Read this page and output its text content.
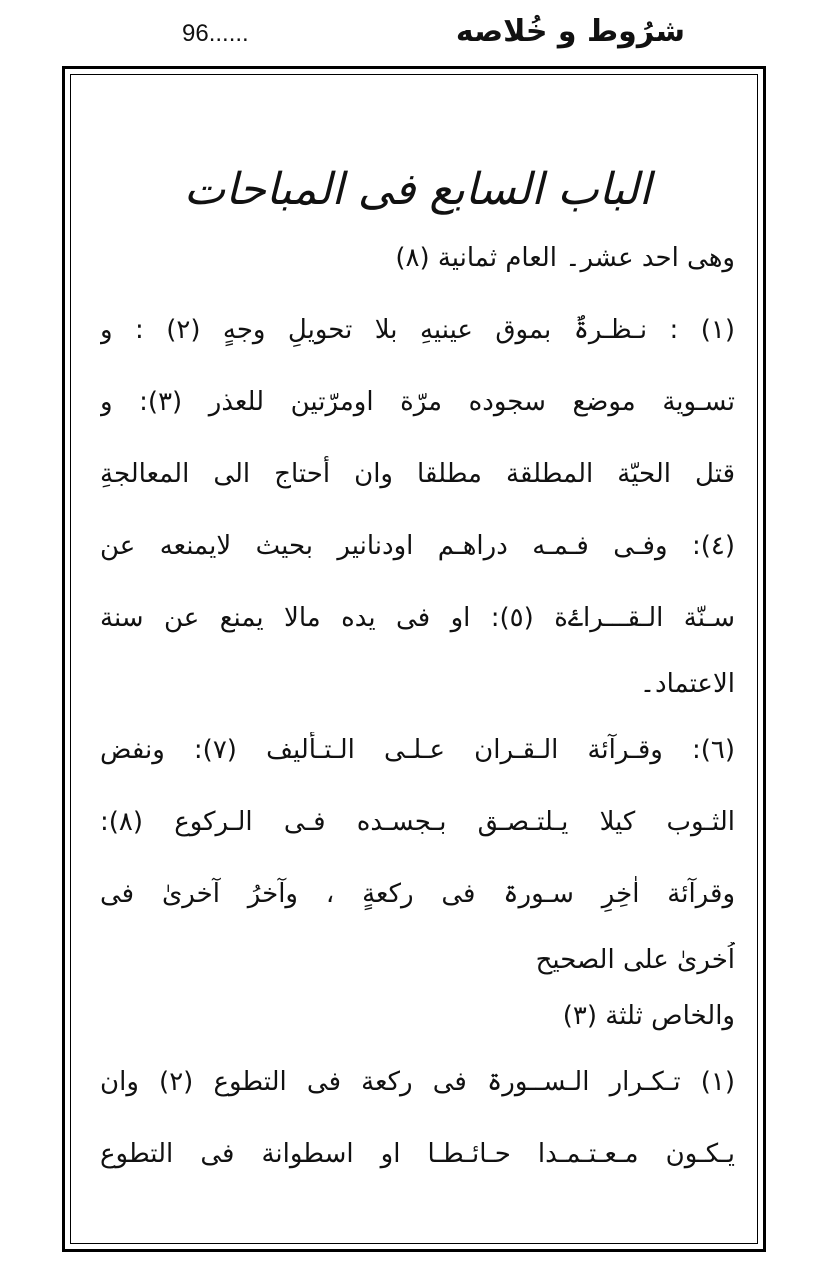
شرُوط و خُلاصه
96......
الباب السابع فی المباحات
وھی احد عشر۔ العام ثمانیة (٨)
(١) : نـظـرۃٌ بموق عینیهِ بلا تحویلِ وجهٍ (٢) : و
تسـویة موضع سجوده مرّة اومرّتین للعذر (٣): و
قتل الحیّة المطلقة مطلقا وان أحتاج الی المعالجةِ
(٤): وفـی فـمـه دراھـم اودنانیر بحیث لایمنعه عن
سـنّة الـقـــراۓة (٥): او فی یده مالا یمنع عن سنة
الاعتماد۔
(٦): وقـرآئة الـقـران عـلـی الـتـألیف (٧): ونفض
الثـوب کیلا یـلتـصـق بـجسـده فـی الـرکوع (٨):
وقرآئة اٰخِرِ سـورۃ فی رکعةٍ ، وآخرُ آخریٰ فی
اُخریٰ علی الصحیح
والخاص ثلثة (٣)
(١) تـکـرار الـســورۃ فی رکعة فی التطوع (٢) وان
یـکـون مـعـتـمـدا حـائـطـا او اسطوانة فی التطوع
